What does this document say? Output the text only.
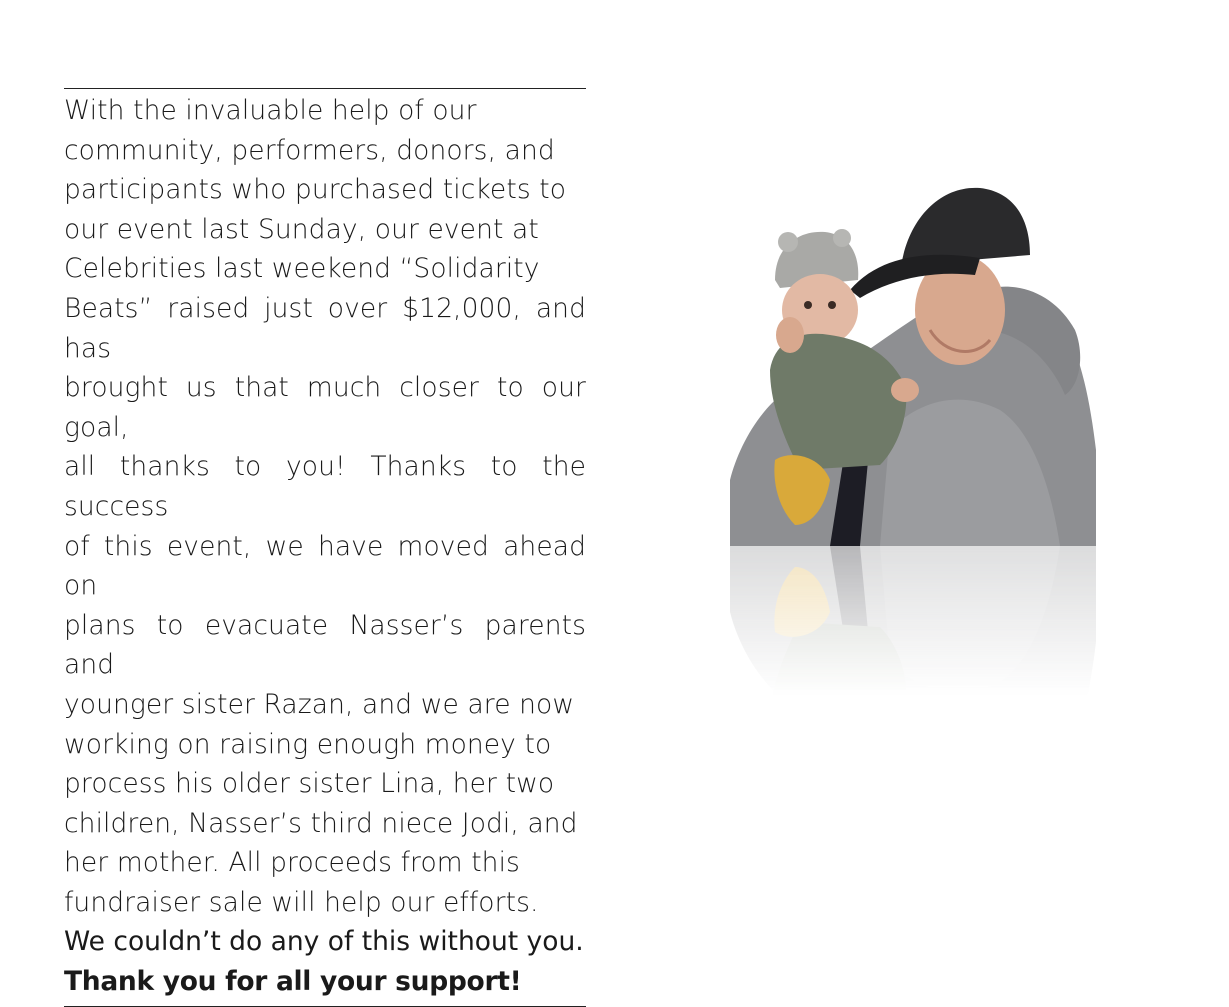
With the invaluable help of our
community, performers, donors, and
participants who purchased tickets to
our event last Sunday, our event at
Celebrities last weekend “Solidarity
Beats” raised just over $12,000, and has
brought us that much closer to our goal,
all thanks to you! Thanks to the success
of this event, we have moved ahead on
plans to evacuate Nasser’s parents and
younger sister Razan, and we are now
working on raising enough money to
process his older sister Lina, her two
children, Nasser’s third niece Jodi, and
her mother. All proceeds from this
fundraiser sale will help our efforts.

We couldn’t do any of this without you.

Thank you for all your support!
